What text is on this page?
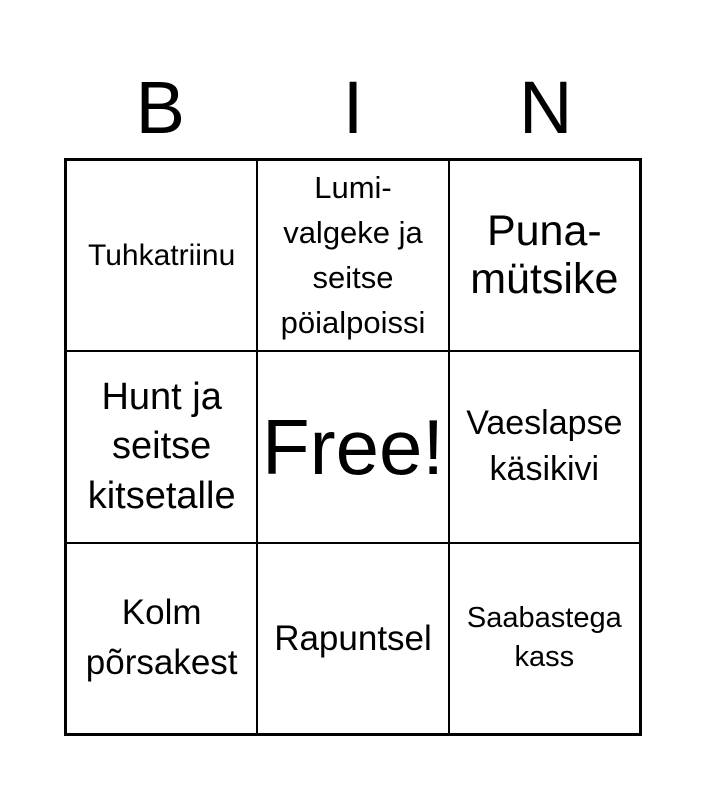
B	I	N
Tuhkatriinu
Lumi-
valgeke ja
seitse
pöialpoissi
Puna-
mütsike
Hunt ja
seitse
kitsetalle
Free! Vaeslapse
käsikivi
Kolm
põrsakest
Rapuntsel
Saabastega
kass
